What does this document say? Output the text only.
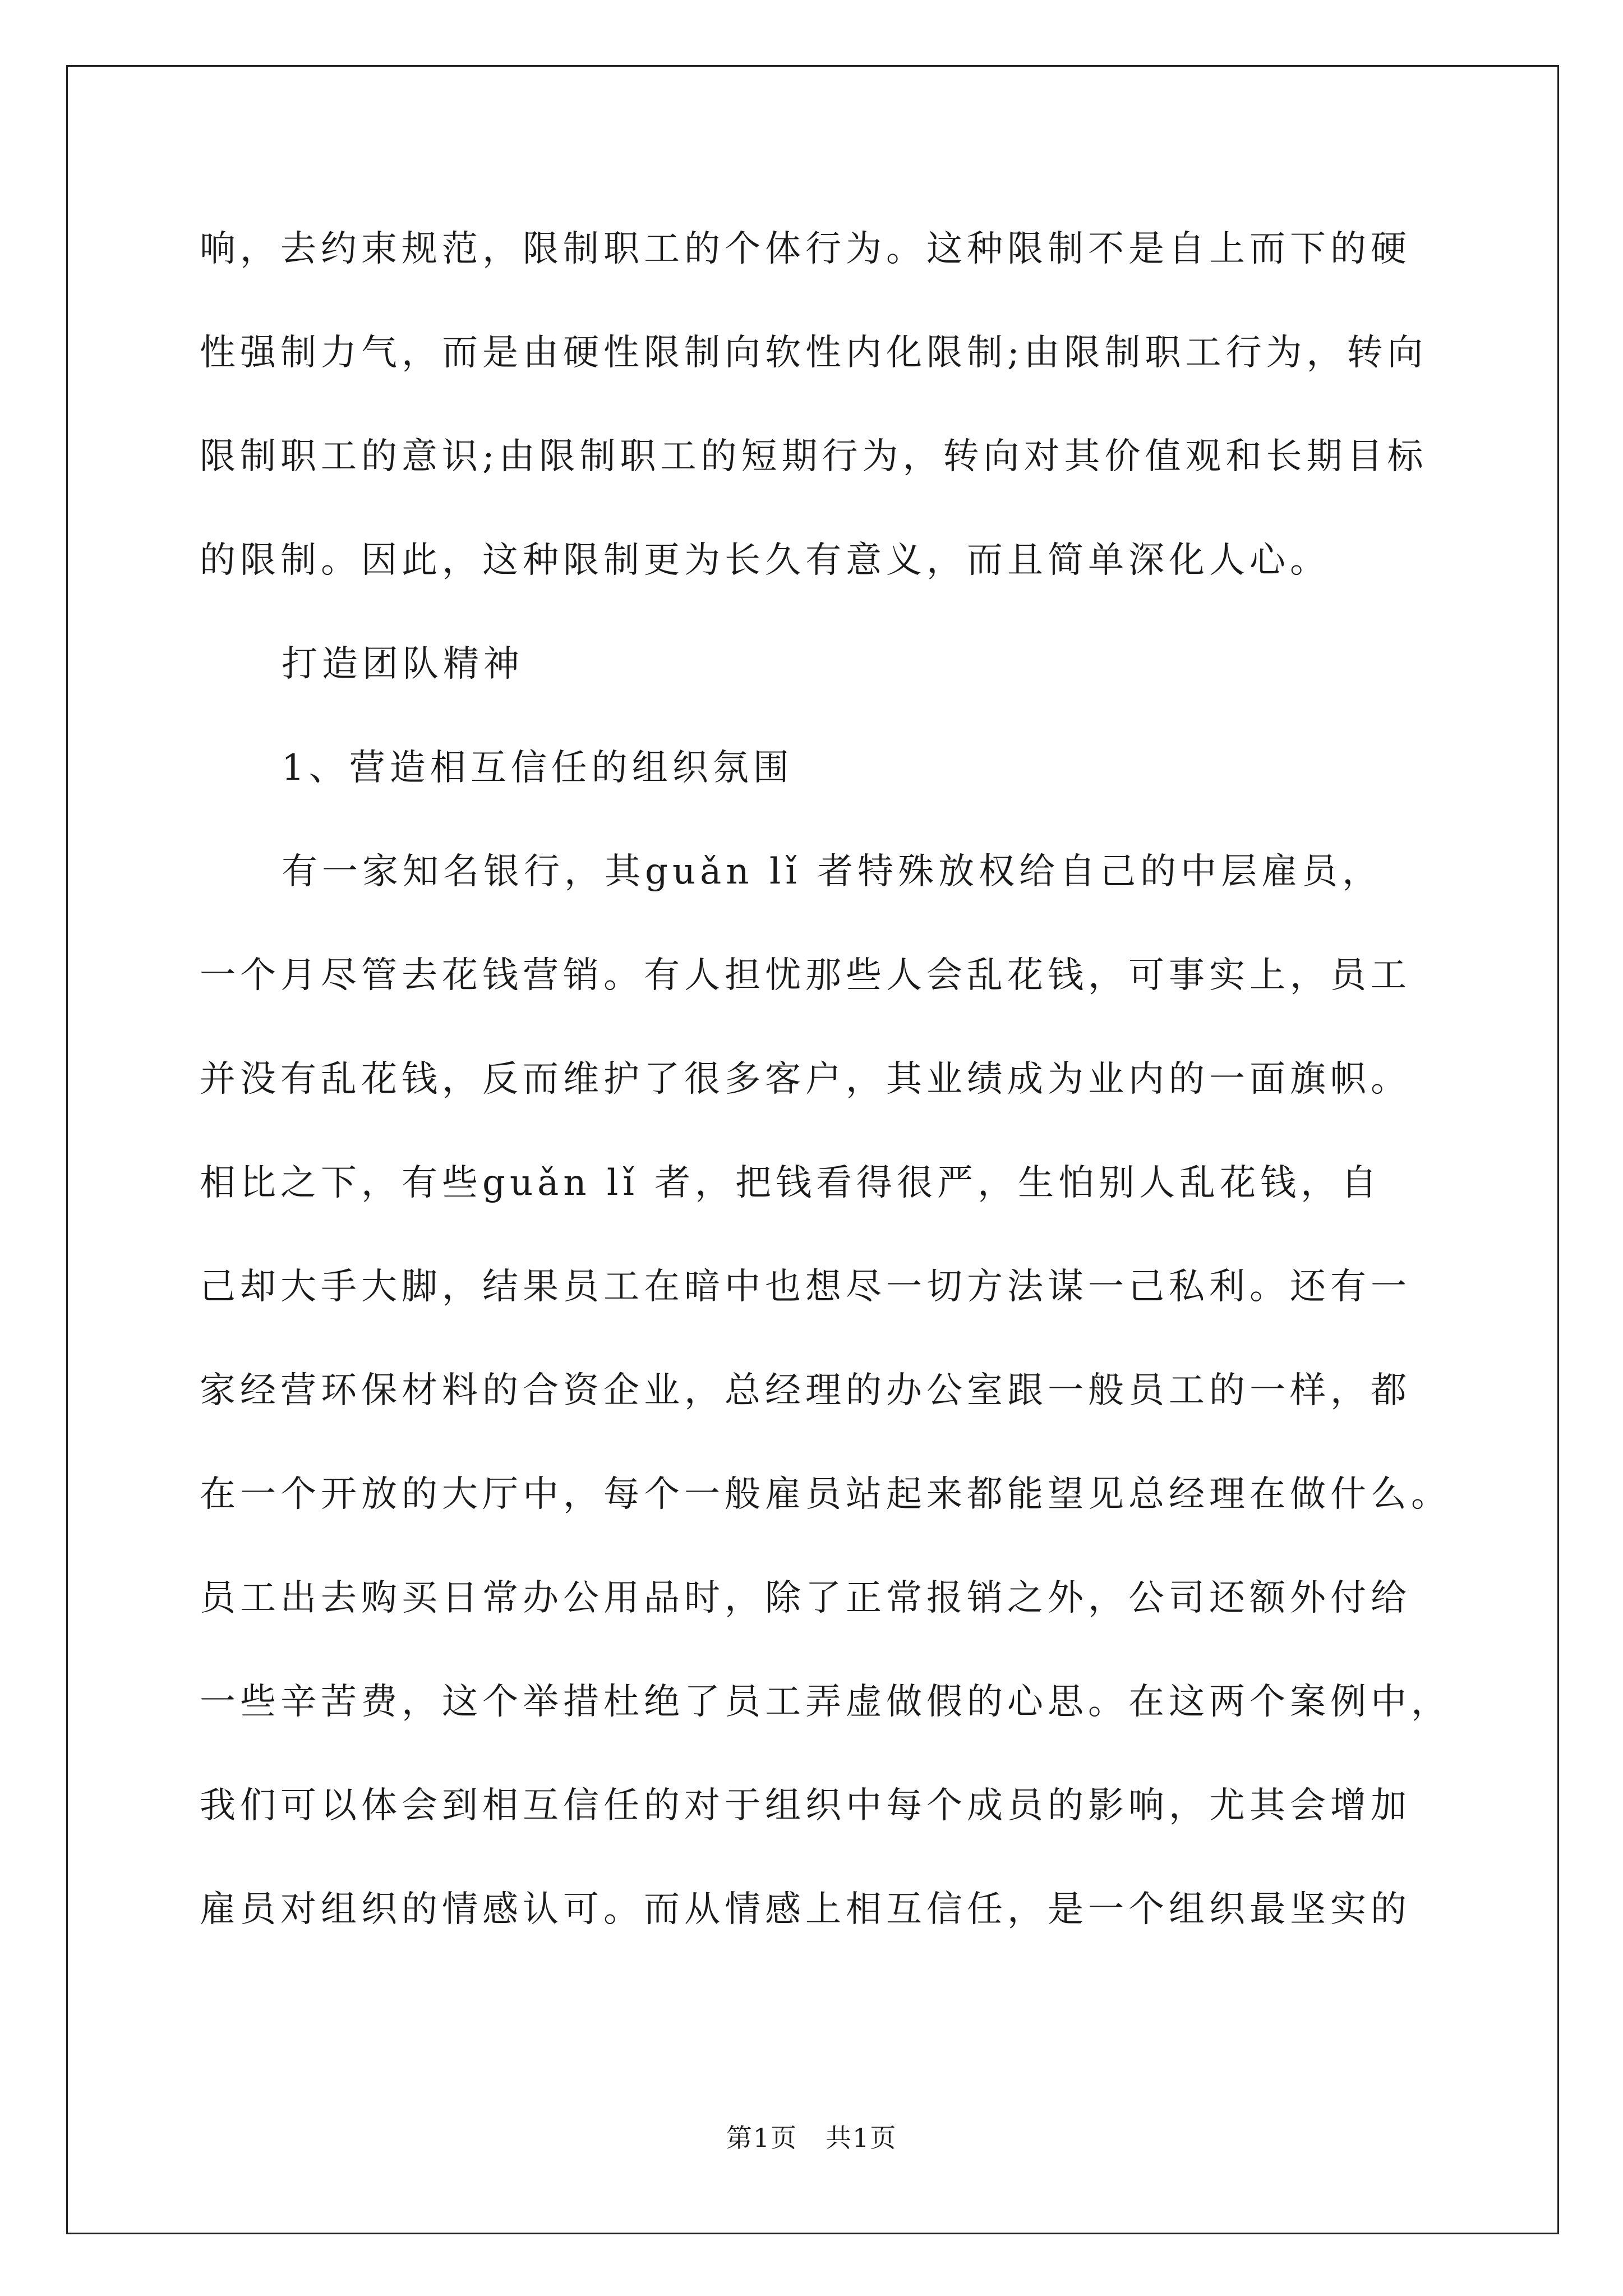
响，去约束规范，限制职工的个体行为。这种限制不是自上而下的硬
性强制力气，而是由硬性限制向软性内化限制;由限制职工行为，转向
限制职工的意识;由限制职工的短期行为，转向对其价值观和长期目标
的限制。因此，这种限制更为长久有意义，而且简单深化人心。
打造团队精神
1、营造相互信任的组织氛围
有一家知名银行，其guǎn lǐ 者特殊放权给自己的中层雇员，
一个月尽管去花钱营销。有人担忧那些人会乱花钱，可事实上，员工
并没有乱花钱，反而维护了很多客户，其业绩成为业内的一面旗帜。
相比之下，有些guǎn lǐ 者，把钱看得很严，生怕别人乱花钱，自
己却大手大脚，结果员工在暗中也想尽一切方法谋一己私利。还有一
家经营环保材料的合资企业，总经理的办公室跟一般员工的一样，都
在一个开放的大厅中，每个一般雇员站起来都能望见总经理在做什么。
员工出去购买日常办公用品时，除了正常报销之外，公司还额外付给
一些辛苦费，这个举措杜绝了员工弄虚做假的心思。在这两个案例中，
我们可以体会到相互信任的对于组织中每个成员的影响，尤其会增加
雇员对组织的情感认可。而从情感上相互信任，是一个组织最坚实的
第1页 共1页
